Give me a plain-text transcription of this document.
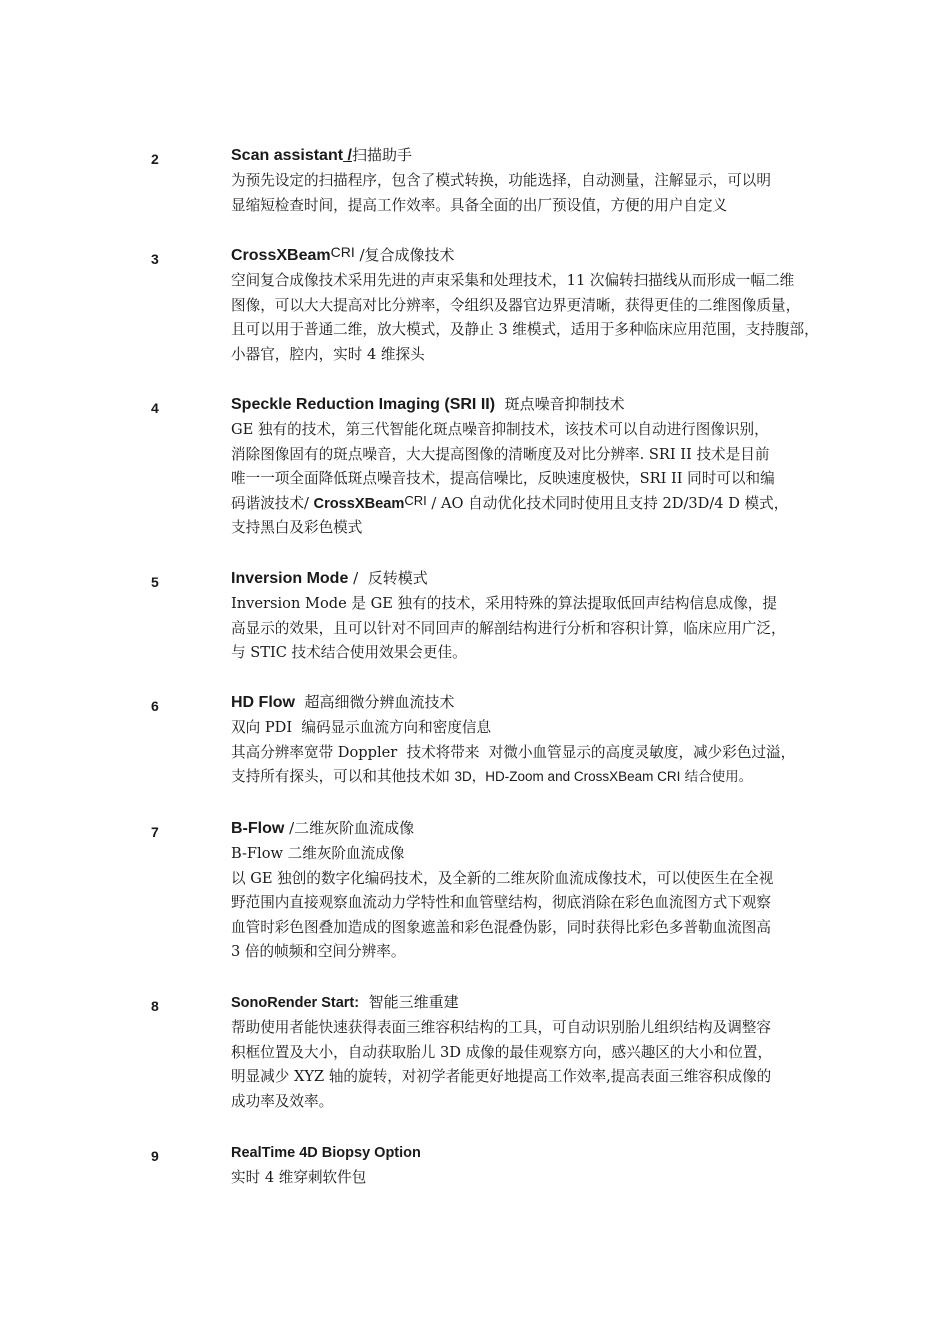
2	Scan assistant /扫描助手
为预先设定的扫描程序，包含了模式转换，功能选择，自动测量，注解显示，可以明
显缩短检查时间，提高工作效率。具备全面的出厂预设值，方便的用户自定义
3	CrossXBeamCRI /复合成像技术
空间复合成像技术采用先进的声束采集和处理技术，11 次偏转扫描线从而形成一幅二维
图像，可以大大提高对比分辨率，令组织及器官边界更清晰，获得更佳的二维图像质量，
且可以用于普通二维，放大模式，及静止 3 维模式，适用于多种临床应用范围，支持腹部，
小器官，腔内，实时 4 维探头
4	Speckle Reduction Imaging (SRI II)  斑点噪音抑制技术
GE 独有的技术，第三代智能化斑点噪音抑制技术，该技术可以自动进行图像识别，
消除图像固有的斑点噪音，大大提高图像的清晰度及对比分辨率. SRI II 技术是目前
唯一一项全面降低斑点噪音技术，提高信噪比，反映速度极快，SRI II 同时可以和编
码谐波技术/ CrossXBeamCRI / AO 自动优化技术同时使用且支持 2D/3D/4 D 模式，
支持黑白及彩色模式
5	Inversion Mode /  反转模式
Inversion Mode 是 GE 独有的技术，采用特殊的算法提取低回声结构信息成像，提
高显示的效果，且可以针对不同回声的解剖结构进行分析和容积计算，临床应用广泛，
与 STIC 技术结合使用效果会更佳。
6	HD Flow  超高细微分辨血流技术
双向 PDI  编码显示血流方向和密度信息
其高分辨率宽带 Doppler  技术将带来  对微小血管显示的高度灵敏度，减少彩色过溢，
支持所有探头，可以和其他技术如 3D，HD-Zoom and CrossXBeam CRI 结合使用。
7	B-Flow /二维灰阶血流成像
B-Flow 二维灰阶血流成像
以 GE 独创的数字化编码技术，及全新的二维灰阶血流成像技术，可以使医生在全视
野范围内直接观察血流动力学特性和血管壁结构，彻底消除在彩色血流图方式下观察
血管时彩色图叠加造成的图象遮盖和彩色混叠伪影，同时获得比彩色多普勒血流图高
3 倍的帧频和空间分辨率。
8	SonoRender Start:  智能三维重建
帮助使用者能快速获得表面三维容积结构的工具，可自动识别胎儿组织结构及调整容
积框位置及大小，自动获取胎儿 3D 成像的最佳观察方向，感兴趣区的大小和位置，
明显减少 XYZ 轴的旋转，对初学者能更好地提高工作效率,提高表面三维容积成像的
成功率及效率。
9	RealTime 4D Biopsy Option
实时 4 维穿刺软件包
